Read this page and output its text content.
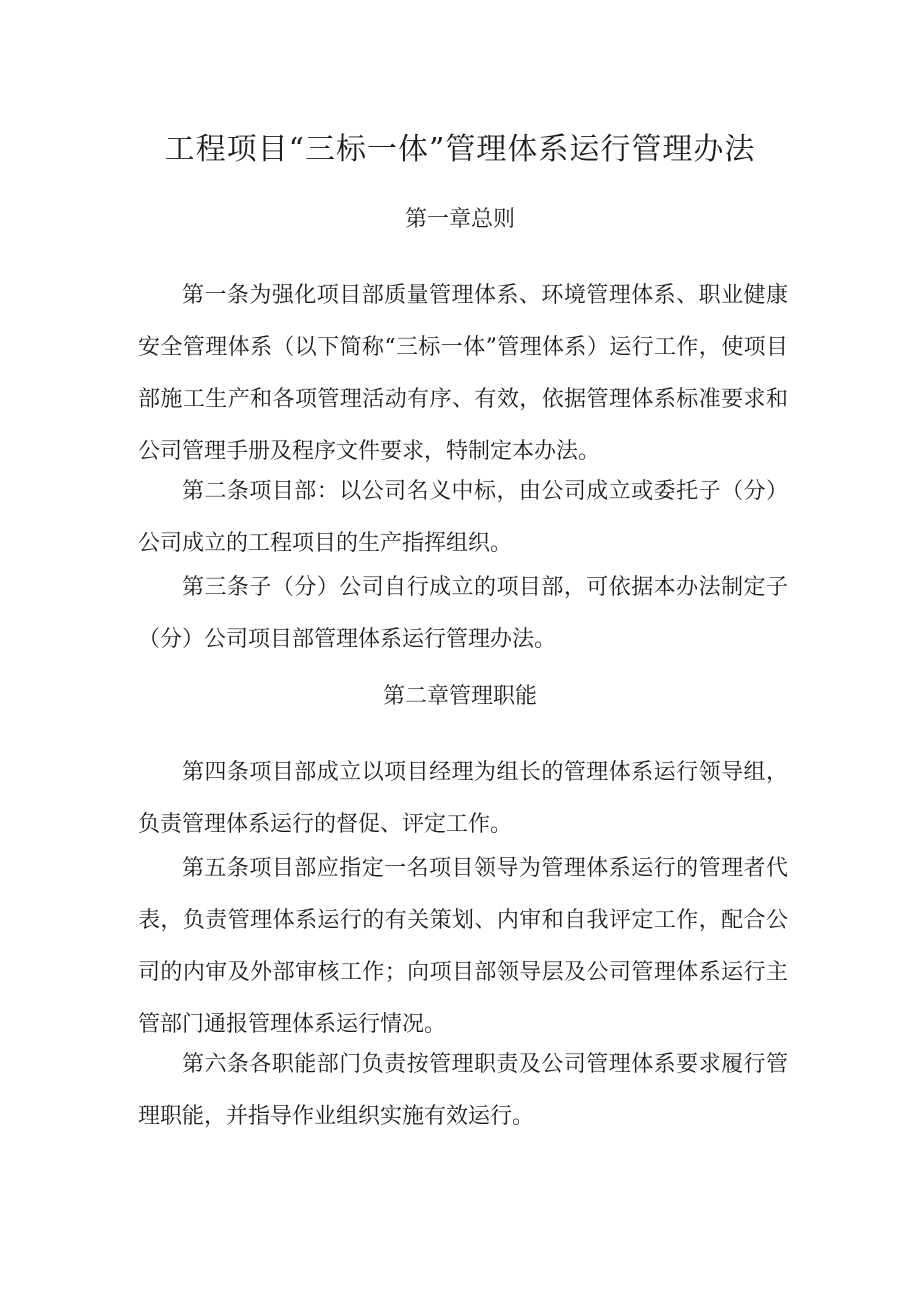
工程项目“三标一体”管理体系运行管理办法
第一章总则

第一条为强化项目部质量管理体系、环境管理体系、职业健康安全管理体系（以下简称“三标一体”管理体系）运行工作，使项目部施工生产和各项管理活动有序、有效，依据管理体系标准要求和公司管理手册及程序文件要求，特制定本办法。

第二条项目部：以公司名义中标，由公司成立或委托子（分）公司成立的工程项目的生产指挥组织。

第三条子（分）公司自行成立的项目部，可依据本办法制定子（分）公司项目部管理体系运行管理办法。

第二章管理职能

第四条项目部成立以项目经理为组长的管理体系运行领导组，负责管理体系运行的督促、评定工作。

第五条项目部应指定一名项目领导为管理体系运行的管理者代表，负责管理体系运行的有关策划、内审和自我评定工作，配合公司的内审及外部审核工作；向项目部领导层及公司管理体系运行主管部门通报管理体系运行情况。

第六条各职能部门负责按管理职责及公司管理体系要求履行管理职能，并指导作业组织实施有效运行。
